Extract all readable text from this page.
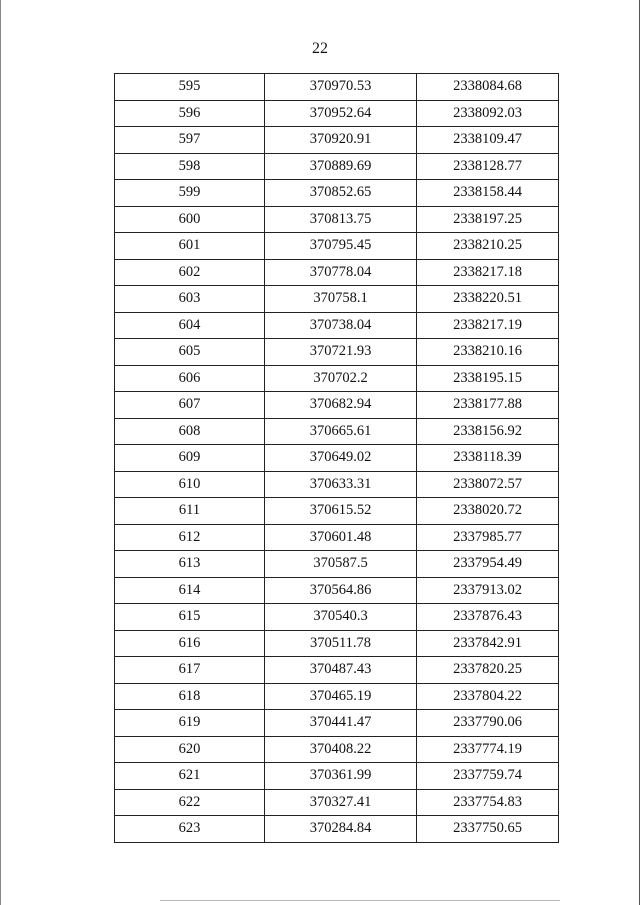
22
595	370970.53	2338084.68
596	370952.64	2338092.03
597	370920.91	2338109.47
598	370889.69	2338128.77
599	370852.65	2338158.44
600	370813.75	2338197.25
601	370795.45	2338210.25
602	370778.04	2338217.18
603	370758.1	2338220.51
604	370738.04	2338217.19
605	370721.93	2338210.16
606	370702.2	2338195.15
607	370682.94	2338177.88
608	370665.61	2338156.92
609	370649.02	2338118.39
610	370633.31	2338072.57
611	370615.52	2338020.72
612	370601.48	2337985.77
613	370587.5	2337954.49
614	370564.86	2337913.02
615	370540.3	2337876.43
616	370511.78	2337842.91
617	370487.43	2337820.25
618	370465.19	2337804.22
619	370441.47	2337790.06
620	370408.22	2337774.19
621	370361.99	2337759.74
622	370327.41	2337754.83
623	370284.84	2337750.65
